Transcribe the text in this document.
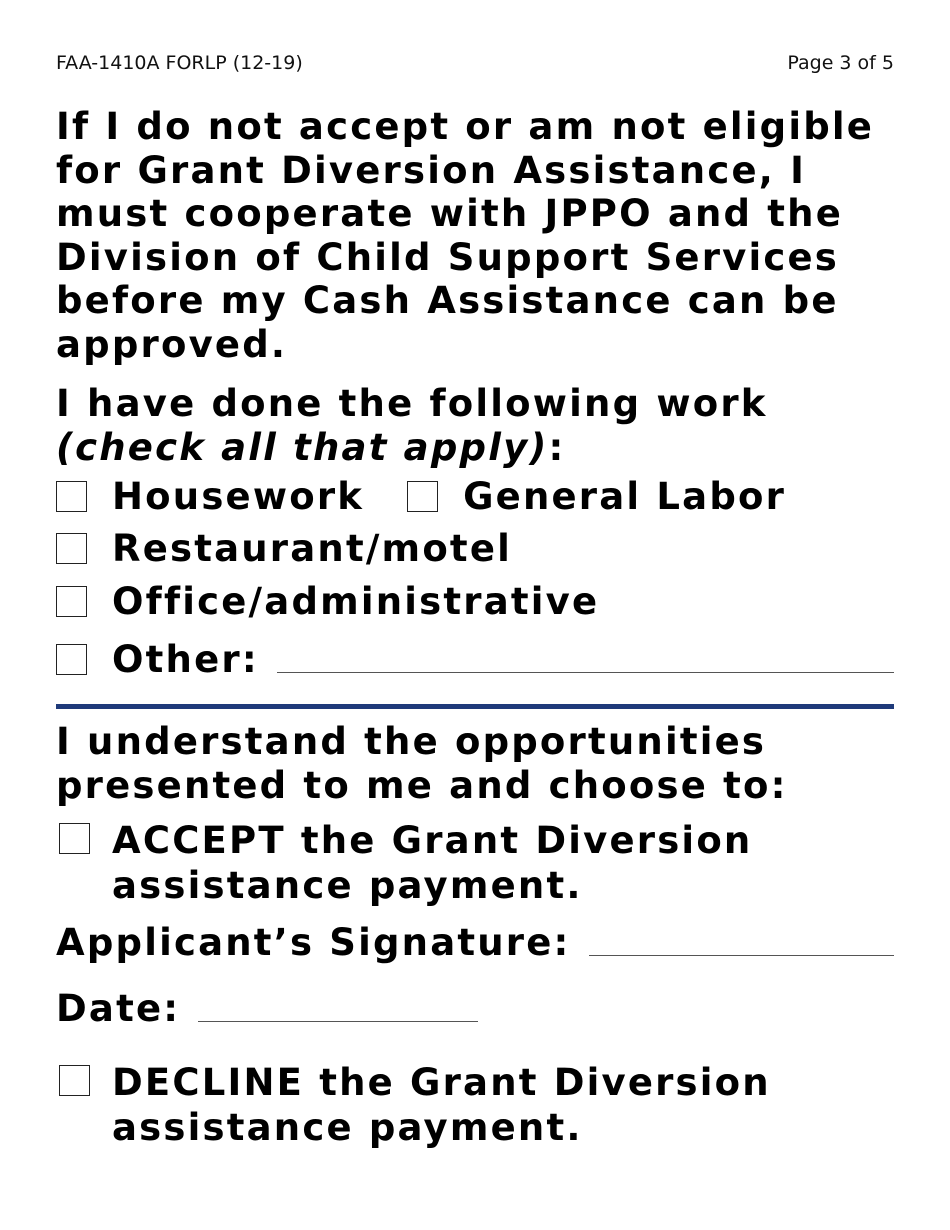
FAA-1410A FORLP (12-19)	Page 3 of 5
If I do not accept or am not eligible for Grant Diversion Assistance, I must cooperate with JPPO and the Division of Child Support Services before my Cash Assistance can be approved.
I have done the following work
(check all that apply):
Housework	General Labor
Restaurant/motel
Office/administrative
Other:
I understand the opportunities presented to me and choose to:
ACCEPT the Grant Diversion assistance payment.
Applicant’s Signature:
Date:
DECLINE the Grant Diversion assistance payment.
